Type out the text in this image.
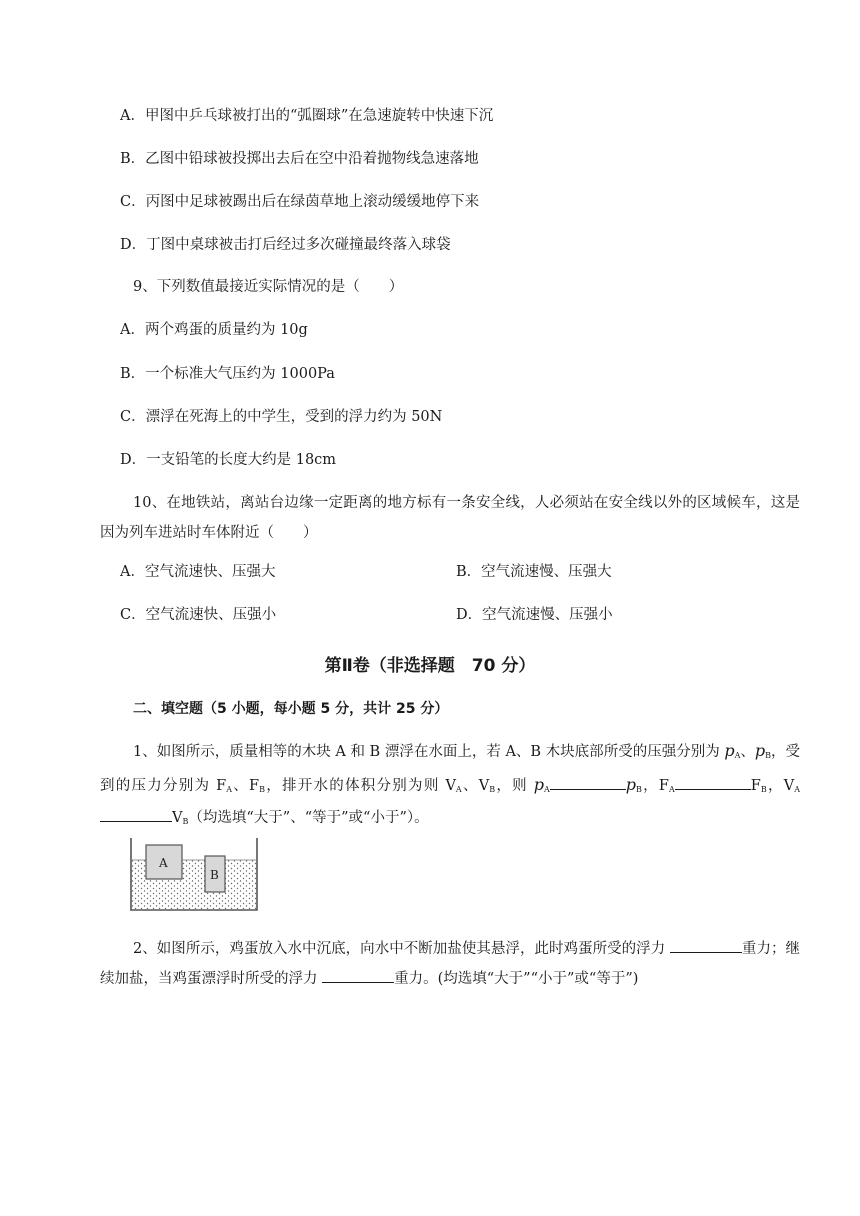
A．甲图中乒乓球被打出的“弧圈球”在急速旋转中快速下沉
B．乙图中铅球被投掷出去后在空中沿着抛物线急速落地
C．丙图中足球被踢出后在绿茵草地上滚动缓缓地停下来
D．丁图中桌球被击打后经过多次碰撞最终落入球袋
9、下列数值最接近实际情况的是（　　）
A．两个鸡蛋的质量约为 10g
B．一个标准大气压约为 1000Pa
C．漂浮在死海上的中学生，受到的浮力约为 50N
D．一支铅笔的长度大约是 18cm
10、在地铁站，离站台边缘一定距离的地方标有一条安全线，人必须站在安全线以外的区域候车，这是因为列车进站时车体附近（　　）
A．空气流速快、压强大	B．空气流速慢、压强大
C．空气流速快、压强小	D．空气流速慢、压强小
第Ⅱ卷（非选择题　70 分）
二、填空题（5 小题，每小题 5 分，共计 25 分）
1、如图所示，质量相等的木块 A 和 B 漂浮在水面上，若 A、B 木块底部所受的压强分别为 $p_A$、$p_B$，受到的压力分别为 $F_A$、$F_B$，排开水的体积分别为则 $V_A$、$V_B$，则 $p_A$	$p_B$，$F_A$	$F_B$，$V_AV_B$（均选填“大于”、“等于”或“小于”）。
A
B
2、如图所示，鸡蛋放入水中沉底，向水中不断加盐使其悬浮，此时鸡蛋所受的浮力	重力；继续加盐，当鸡蛋漂浮时所受的浮力	重力。(均选填“大于”“小于”或“等于”)
